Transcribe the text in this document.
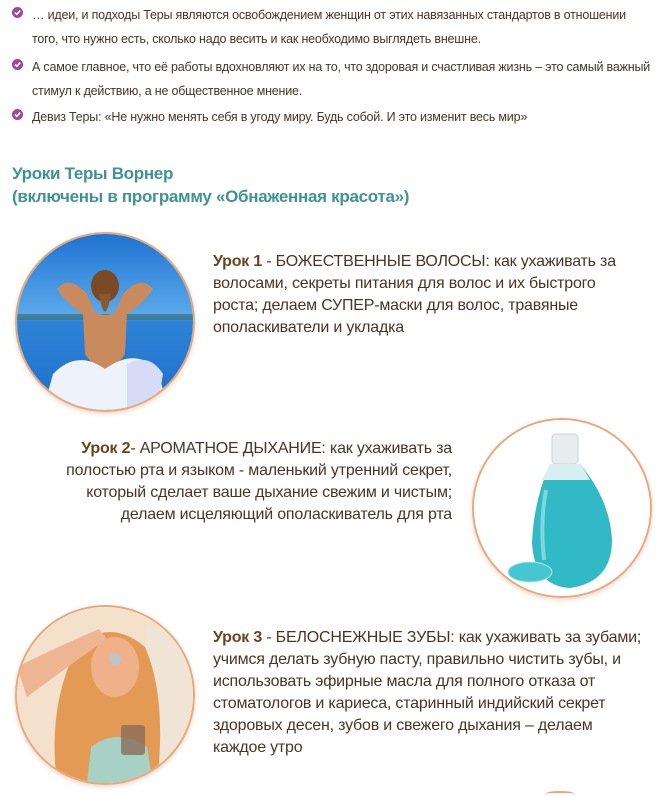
… идеи, и подходы Теры являются освобождением женщин от этих навязанных стандартов в отношении того, что нужно есть, сколько надо весить и как необходимо выглядеть внешне.
А самое главное, что её работы вдохновляют их на то, что здоровая и счастливая жизнь – это самый важный стимул к действию, а не общественное мнение.
Девиз Теры: «Не нужно менять себя в угоду миру. Будь собой. И это изменит весь мир»
Уроки Теры Ворнер
(включены в программу «Обнаженная красота»)
Урок 1 - БОЖЕСТВЕННЫЕ ВОЛОСЫ: как ухаживать за волосами, секреты питания для волос и их быстрого роста; делаем СУПЕР-маски для волос, травяные ополаскиватели и укладка
Урок 2- АРОМАТНОЕ ДЫХАНИЕ: как ухаживать за полостью рта и языком - маленький утренний секрет, который сделает ваше дыхание свежим и чистым; делаем исцеляющий ополаскиватель для рта
Урок 3 - БЕЛОСНЕЖНЫЕ ЗУБЫ: как ухаживать за зубами; учимся делать зубную пасту, правильно чистить зубы, и использовать эфирные масла для полного отказа от стоматологов и кариеса, старинный индийский секрет здоровых десен, зубов и свежего дыхания – делаем каждое утро
